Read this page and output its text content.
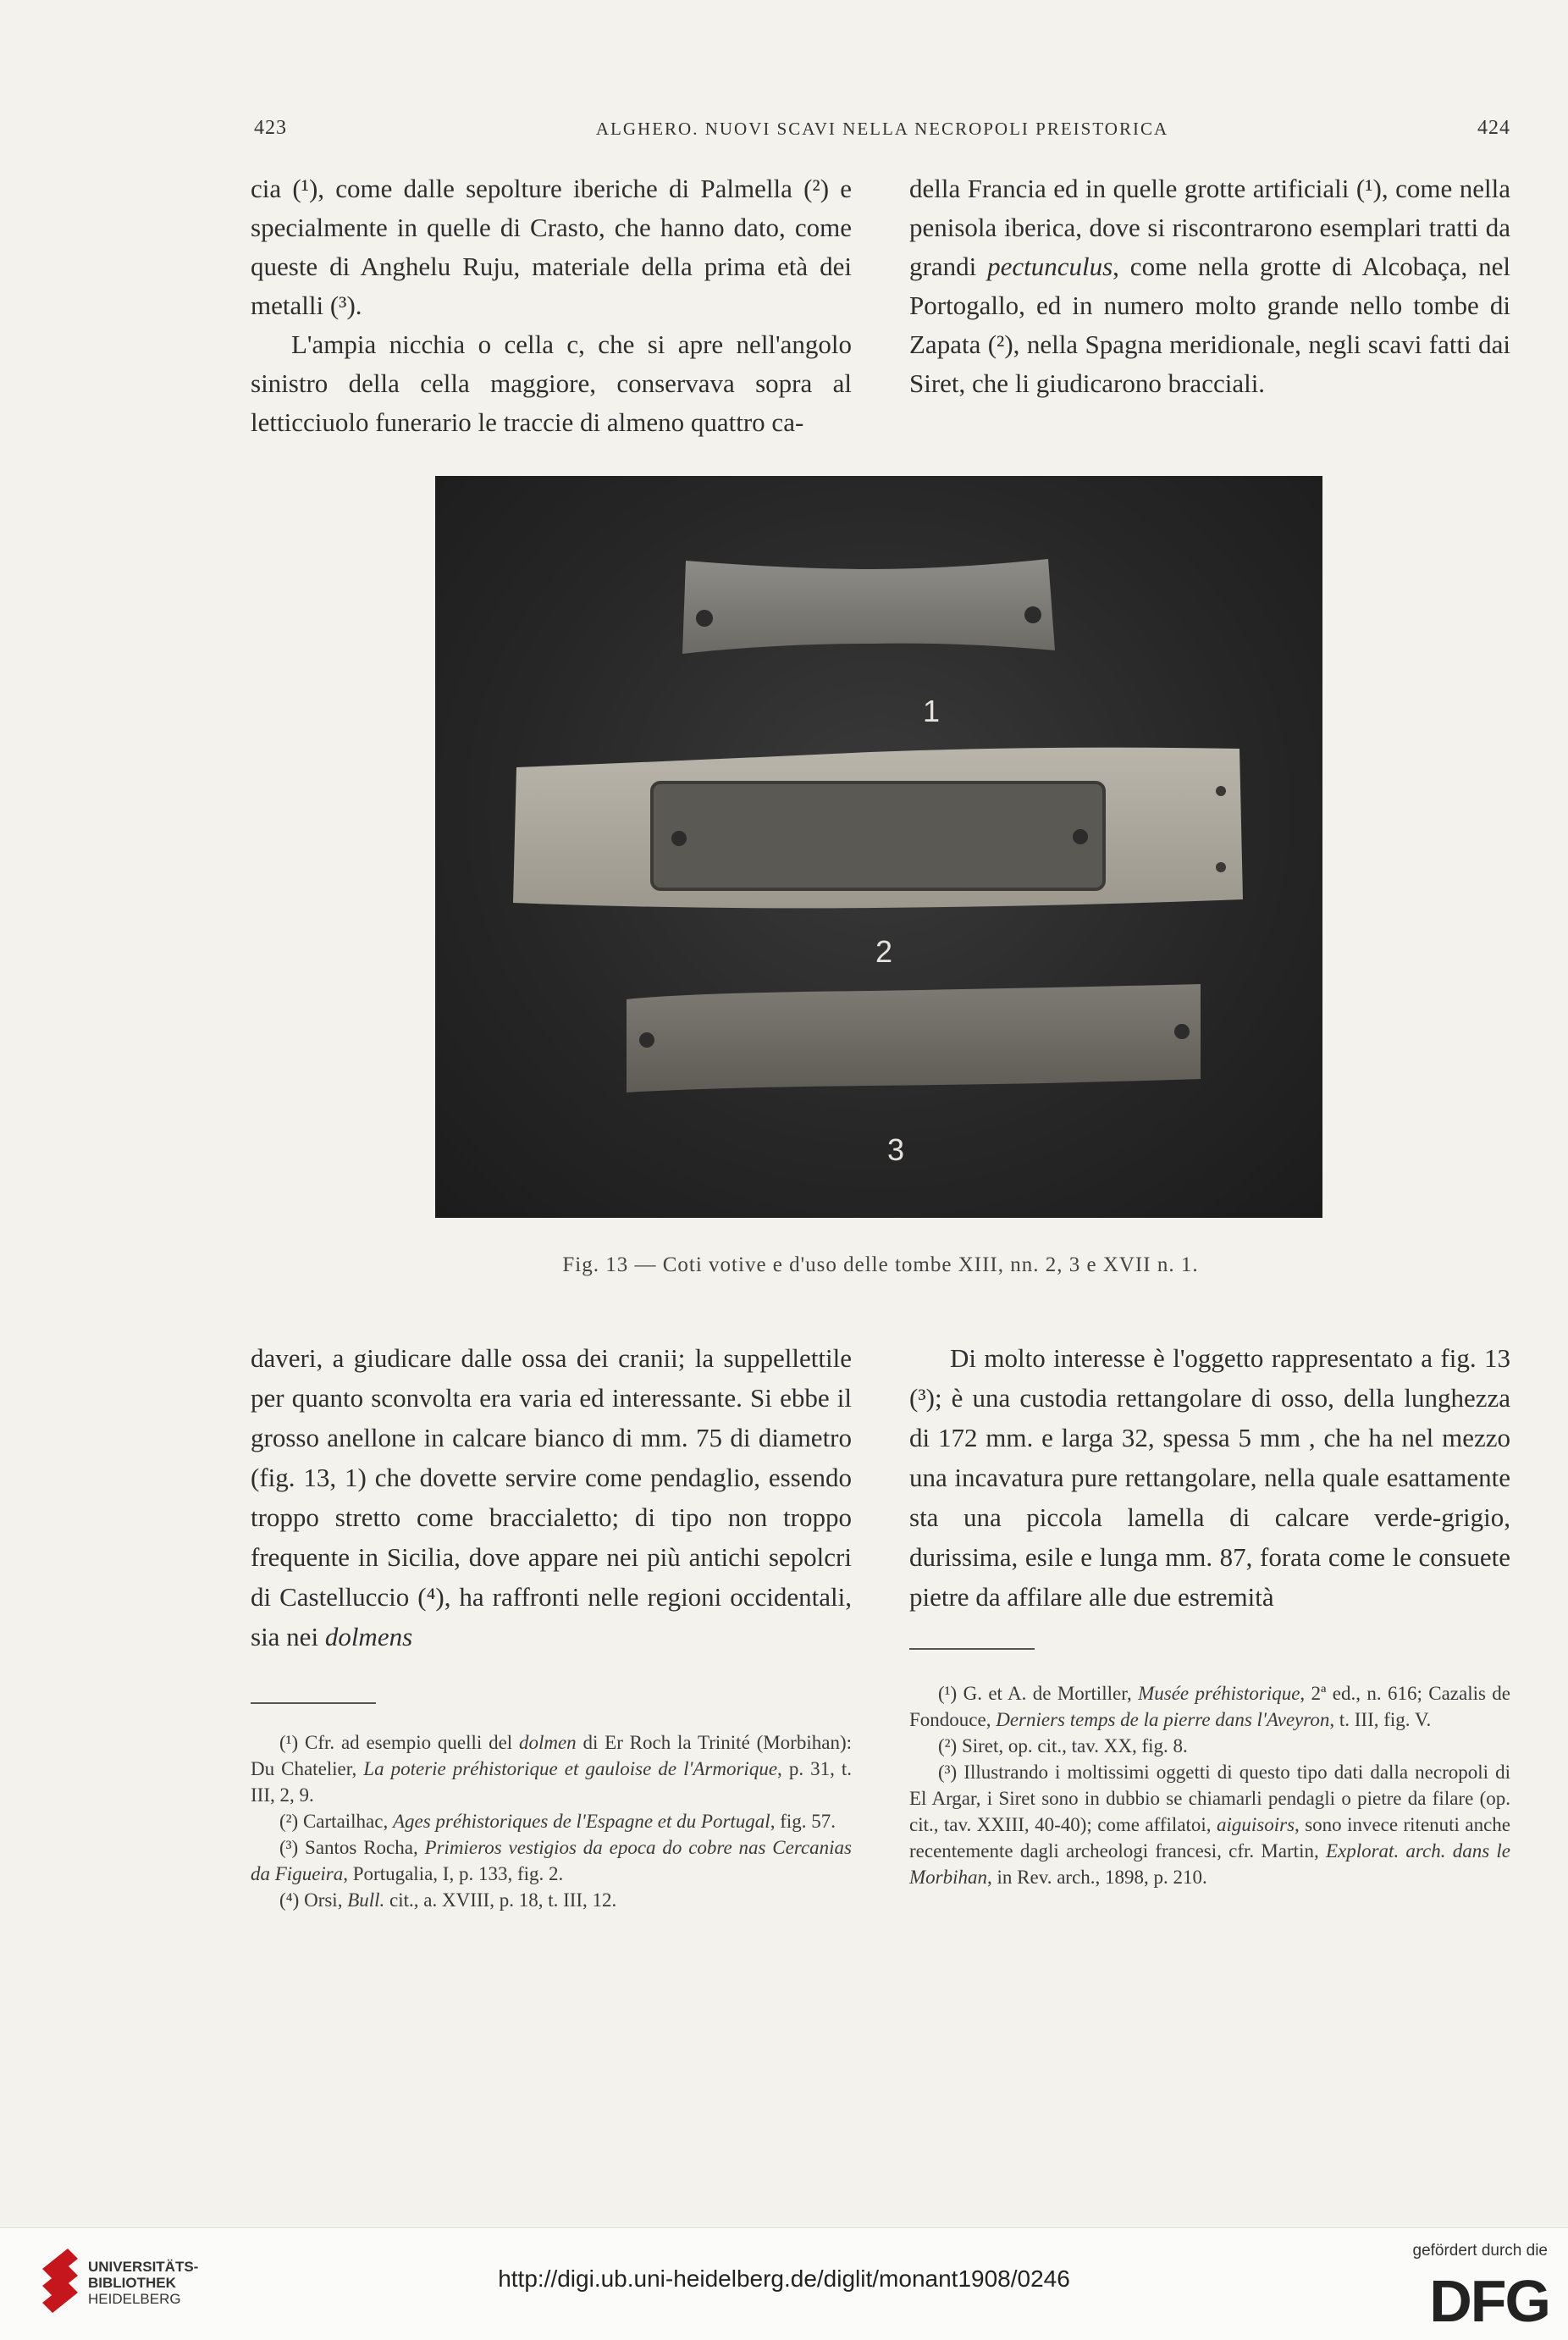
423	ALGHERO. NUOVI SCAVI NELLA NECROPOLI PREISTORICA	424

cia (¹), come dalle sepolture iberiche di Palmella (²) e specialmente in quelle di Crasto, che hanno dato, come queste di Anghelu Ruju, materiale della prima età dei metalli (³).

L'ampia nicchia o cella c, che si apre nell'angolo sinistro della cella maggiore, conservava sopra al letticciuolo funerario le traccie di almeno quattro ca-

della Francia ed in quelle grotte artificiali (¹), come nella penisola iberica, dove si riscontrarono esemplari tratti da grandi pectunculus, come nella grotte di Alcobaça, nel Portogallo, ed in numero molto grande nello tombe di Zapata (²), nella Spagna meridionale, negli scavi fatti dai Siret, che li giudicarono bracciali.

1
2
3
Fig. 13 — Coti votive e d'uso delle tombe XIII, nn. 2, 3 e XVII n. 1.

daveri, a giudicare dalle ossa dei cranii; la suppellettile per quanto sconvolta era varia ed interessante. Si ebbe il grosso anellone in calcare bianco di mm. 75 di diametro (fig. 13, 1) che dovette servire come pendaglio, essendo troppo stretto come braccialetto; di tipo non troppo frequente in Sicilia, dove appare nei più antichi sepolcri di Castelluccio (⁴), ha raffronti nelle regioni occidentali, sia nei dolmens

Di molto interesse è l'oggetto rappresentato a fig. 13 (³); è una custodia rettangolare di osso, della lunghezza di 172 mm. e larga 32, spessa 5 mm , che ha nel mezzo una incavatura pure rettangolare, nella quale esattamente sta una piccola lamella di calcare verde-grigio, durissima, esile e lunga mm. 87, forata come le consuete pietre da affilare alle due estremità

(¹) Cfr. ad esempio quelli del dolmen di Er Roch la Trinité (Morbihan): Du Chatelier, La poterie préhistorique et gauloise de l'Armorique, p. 31, t. III, 2, 9.

(²) Cartailhac, Ages préhistoriques de l'Espagne et du Portugal, fig. 57.

(³) Santos Rocha, Primieros vestigios da epoca do cobre nas Cercanias da Figueira, Portugalia, I, p. 133, fig. 2.

(⁴) Orsi, Bull. cit., a. XVIII, p. 18, t. III, 12.

(¹) G. et A. de Mortiller, Musée préhistorique, 2ª ed., n. 616; Cazalis de Fondouce, Derniers temps de la pierre dans l'Aveyron, t. III, fig. V.

(²) Siret, op. cit., tav. XX, fig. 8.

(³) Illustrando i moltissimi oggetti di questo tipo dati dalla necropoli di El Argar, i Siret sono in dubbio se chiamarli pendagli o pietre da filare (op. cit., tav. XXIII, 40-40); come affilatoi, aiguisoirs, sono invece ritenuti anche recentemente dagli archeologi francesi, cfr. Martin, Explorat. arch. dans le Morbihan, in Rev. arch., 1898, p. 210.

UNIVERSITÄTS-
BIBLIOTHEK
HEIDELBERG
http://digi.ub.uni-heidelberg.de/diglit/monant1908/0246
gefördert durch die
DFG
